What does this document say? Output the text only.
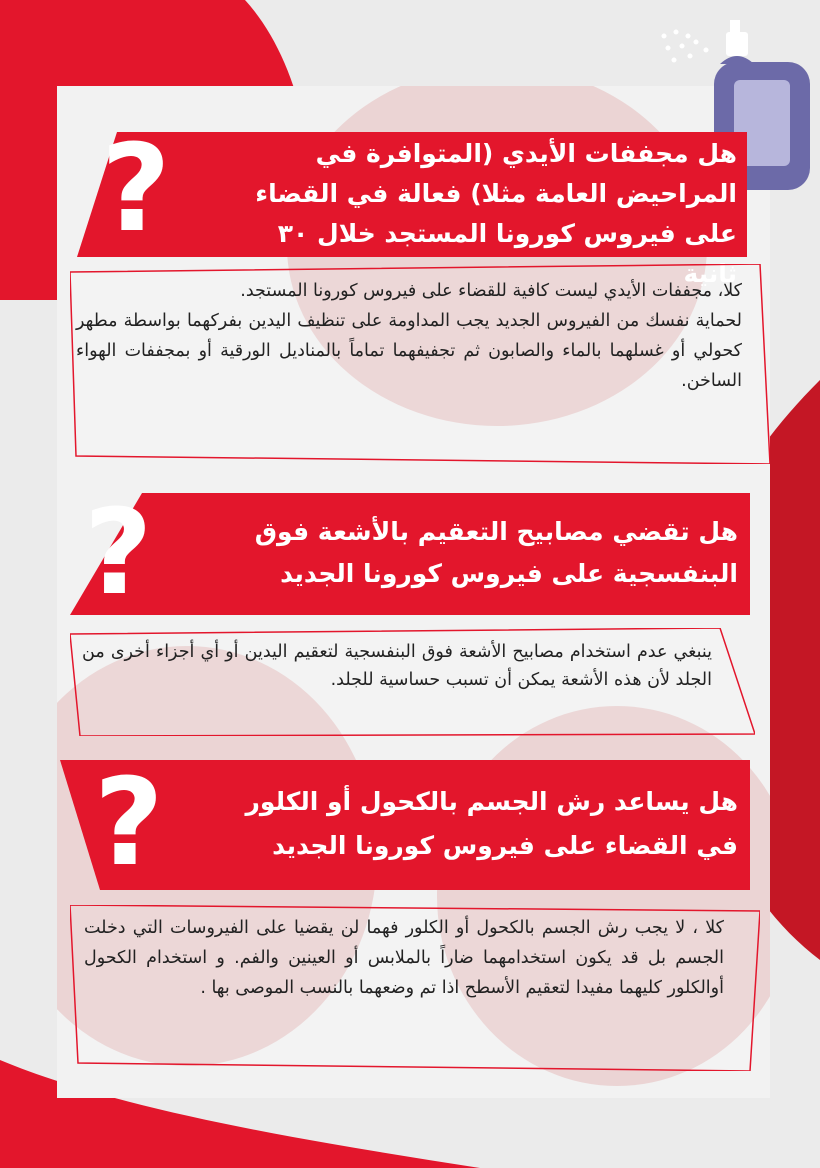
?	هل مجففات الأيدي (المتوافرة في المراحيض العامة مثلا) فعالة في القضاء على فيروس كورونا المستجد خلال ٣٠
كلا، مجففات الأيدي ليست كافية للقضاء على فيروس كورونا المستجد.
لحماية نفسك من الفيروس الجديد يجب المداومة على تنظيف اليدين بفركهما بواسطة مطهر كحولي أو غسلهما بالماء والصابون ثم تجفيفهما تماماً بالمناديل الورقية أو بمجففات الهواء الساخن.
?	هل تقضي مصابيح التعقيم بالأشعة فوق البنفسجية على فيروس كورونا الجديد
ينبغي عدم استخدام مصابيح الأشعة فوق البنفسجية لتعقيم اليدين أو أي أجزاء أخرى من الجلد لأن هذه الأشعة يمكن أن تسبب حساسية للجلد.
?	هل يساعد رش الجسم بالكحول أو الكلور في القضاء على فيروس كورونا الجديد
كلا ، لا يجب رش الجسم بالكحول أو الكلور فهما لن يقضيا على الفيروسات التي دخلت الجسم بل قد يكون استخدامهما ضاراً بالملابس أو العينين والفم. و استخدام الكحول أوالكلور كليهما مفيدا لتعقيم الأسطح اذا تم وضعهما بالنسب الموصى بها .
